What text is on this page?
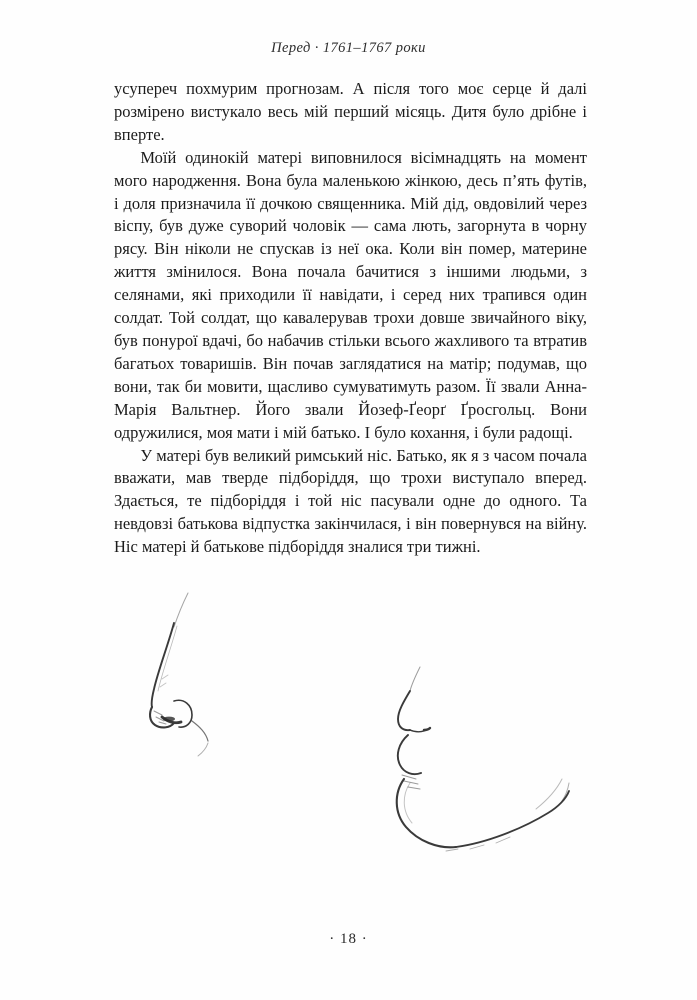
Перед · 1761–1767 роки

усупереч похмурим прогнозам. А після того моє серце й далі розмірено вистукало весь мій перший місяць. Дитя було дрібне і вперте.

Моїй одинокій матері виповнилося вісімнадцять на момент мого народження. Вона була маленькою жінкою, десь п’ять футів, і доля призначила її дочкою священника. Мій дід, овдовілий через віспу, був дуже суворий чоловік — сама лють, загорнута в чорну рясу. Він ніколи не спускав із неї ока. Коли він помер, материне життя змінилося. Вона почала бачитися з іншими людьми, з селянами, які приходили її навідати, і серед них трапився один солдат. Той солдат, що кавалерував трохи довше звичайного віку, був понурої вдачі, бо набачив стільки всього жахливого та втратив багатьох товаришів. Він почав заглядатися на матір; подумав, що вони, так би мовити, щасливо сумуватимуть разом. Її звали Анна-Марія Вальтнер. Його звали Йозеф-Ґеорґ Ґросгольц. Вони одружилися, моя мати і мій батько. І було кохання, і були радощі.

У матері був великий римський ніс. Батько, як я з часом почала вважати, мав тверде підборіддя, що трохи виступало вперед. Здається, те підборіддя і той ніс пасували одне до одного. Та невдовзі батькова відпустка закінчилася, і він повернувся на війну. Ніс матері й батькове підборіддя зналися три тижні.

· 18 ·
